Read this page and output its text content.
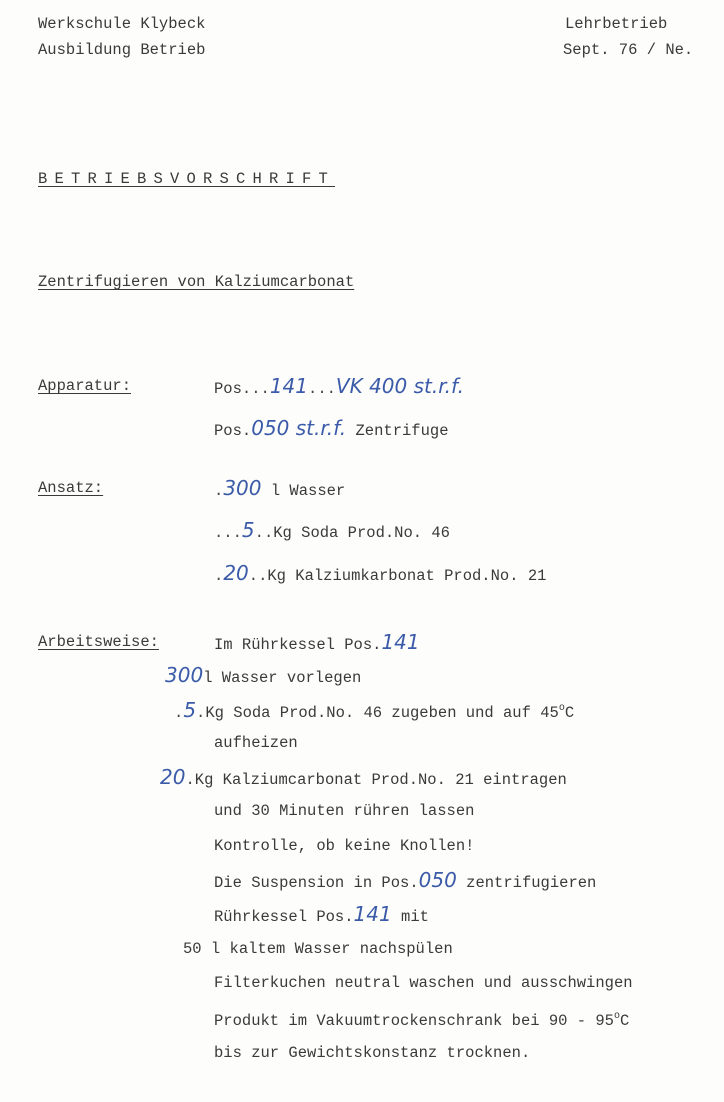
Werkschule Klybeck
Ausbildung Betrieb
Lehrbetrieb
Sept. 76 / Ne.
BETRIEBSVORSCHRIFT
Zentrifugieren von Kalziumcarbonat
Apparatur:	Pos...141...VK 400 st.r.f.
Pos.050 st.r.f. Zentrifuge
Ansatz:	.300 l Wasser
...5..Kg Soda Prod.No. 46
.20..Kg Kalziumkarbonat Prod.No. 21
Arbeitsweise:	Im Rührkessel Pos.141
300l Wasser vorlegen
.5.Kg Soda Prod.No. 46 zugeben und auf 45$^o$C
aufheizen
20.Kg Kalziumcarbonat Prod.No. 21 eintragen
und 30 Minuten rühren lassen
Kontrolle, ob keine Knollen!
Die Suspension in Pos.050 zentrifugieren
Rührkessel Pos.141 mit
50 l kaltem Wasser nachspülen
Filterkuchen neutral waschen und ausschwingen
Produkt im Vakuumtrockenschrank bei 90 - 95$^o$C
bis zur Gewichtskonstanz trocknen.
